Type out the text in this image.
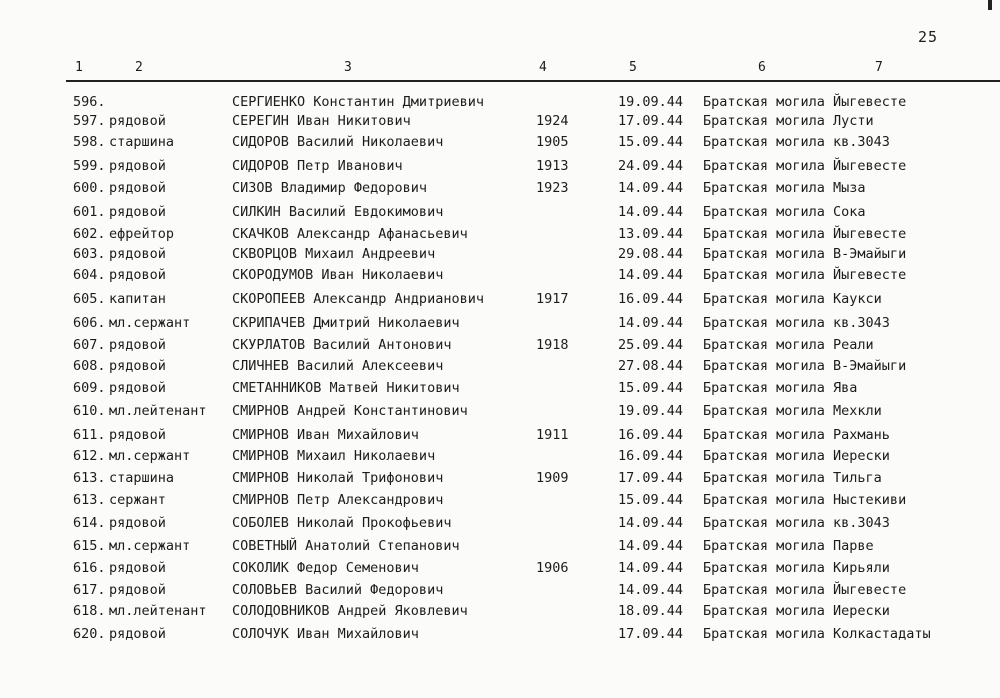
25
1	2	3	4	5	6	7
596.	СЕРГИЕНКО Константин Дмитриевич	19.09.44 Братская могила Йыгевесте
597. рядовой	СЕРЕГИН Иван Никитович	1924	17.09.44 Братская могила Лусти
598. старшина	СИДОРОВ Василий Николаевич	1905	15.09.44 Братская могила кв.3043
599. рядовой	СИДОРОВ Петр Иванович	1913	24.09.44 Братская могила Йыгевесте
600. рядовой	СИЗОВ Владимир Федорович	1923	14.09.44 Братская могила Мыза
601. рядовой	СИЛКИН Василий Евдокимович	14.09.44 Братская могила Сока
602. ефрейтор	СКАЧКОВ Александр Афанасьевич	13.09.44 Братская могила Йыгевесте
603. рядовой	СКВОРЦОВ Михаил Андреевич	29.08.44 Братская могила В-Эмайыги
604. рядовой	СКОРОДУМОВ Иван Николаевич	14.09.44 Братская могила Йыгевесте
605. капитан	СКОРОПЕЕВ Александр Андрианович	1917	16.09.44 Братская могила Каукси
606. мл.сержант	СКРИПАЧЕВ Дмитрий Николаевич	14.09.44 Братская могила кв.3043
607. рядовой	СКУРЛАТОВ Василий Антонович	1918	25.09.44 Братская могила Реали
608. рядовой	СЛИЧНЕВ Василий Алексеевич	27.08.44 Братская могила В-Эмайыги
609. рядовой	СМЕТАННИКОВ Матвей Никитович	15.09.44 Братская могила Ява
610. мл.лейтенант СМИРНОВ Андрей Константинович	19.09.44 Братская могила Мехкли
611. рядовой	СМИРНОВ Иван Михайлович	1911	16.09.44 Братская могила Рахмань
612. мл.сержант	СМИРНОВ Михаил Николаевич	16.09.44 Братская могила Иерески
613. старшина	СМИРНОВ Николай Трифонович	1909	17.09.44 Братская могила Тильга
613. сержант	СМИРНОВ Петр Александрович	15.09.44 Братская могила Ныстекиви
614. рядовой	СОБОЛЕВ Николай Прокофьевич	14.09.44 Братская могила кв.3043
615. мл.сержант	СОВЕТНЫЙ Анатолий Степанович	14.09.44 Братская могила Парве
616. рядовой	СОКОЛИК Федор Семенович	1906	14.09.44 Братская могила Кирьяли
617. рядовой	СОЛОВЬЕВ Василий Федорович	14.09.44 Братская могила Йыгевесте
618. мл.лейтенант СОЛОДОВНИКОВ Андрей Яковлевич	18.09.44 Братская могила Иерески
620. рядовой	СОЛОЧУК Иван Михайлович	17.09.44 Братская могила Колкастадаты
